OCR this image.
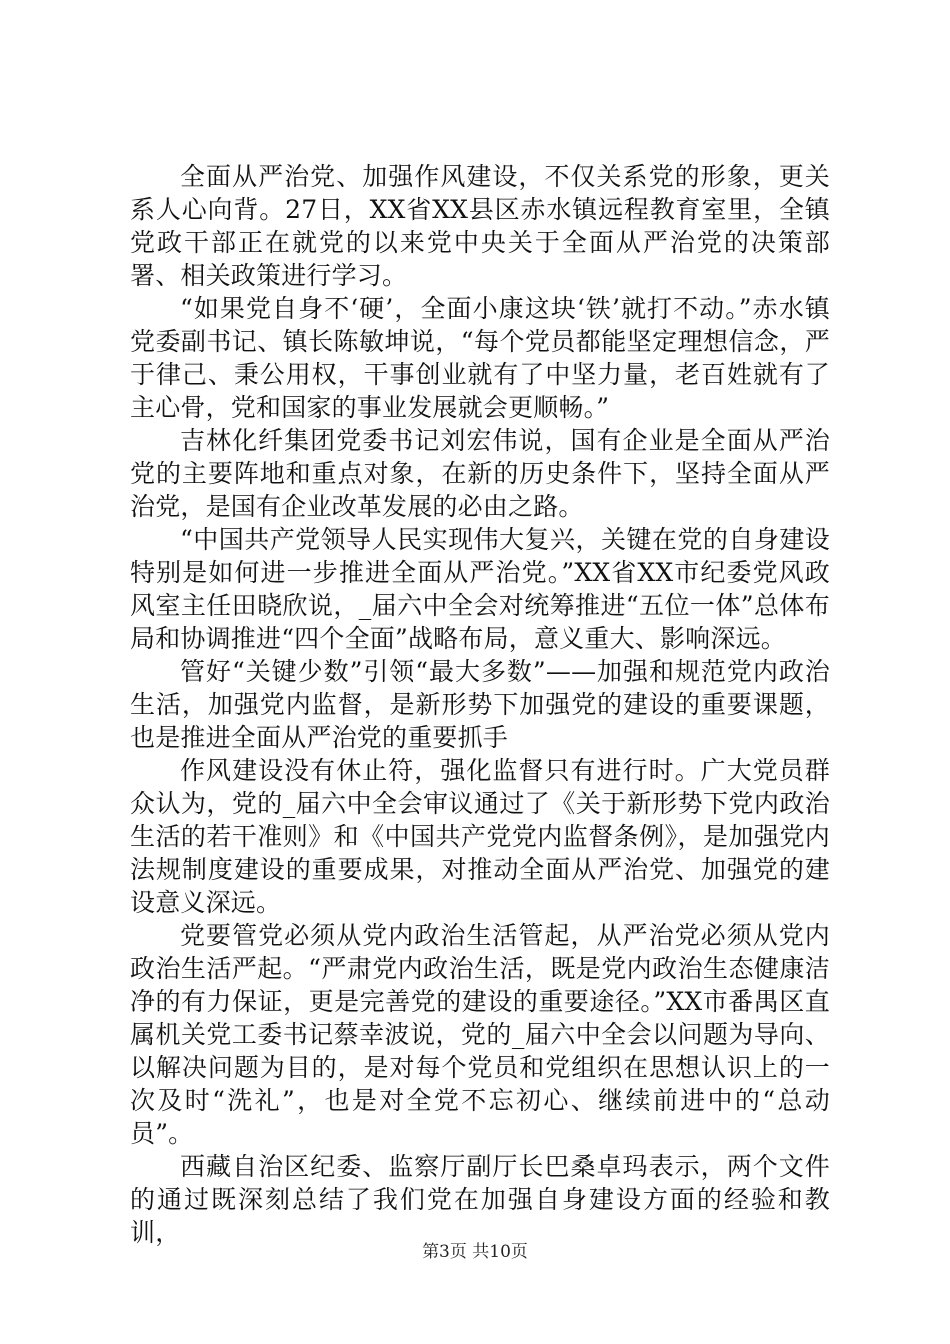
全面从严治党、加强作风建设，不仅关系党的形象，更关系人心向背。27日，XX省XX县区赤水镇远程教育室里，全镇党政干部正在就党的以来党中央关于全面从严治党的决策部署、相关政策进行学习。

“如果党自身不‘硬’，全面小康这块‘铁’就打不动。”赤水镇党委副书记、镇长陈敏坤说，“每个党员都能坚定理想信念，严于律己、秉公用权，干事创业就有了中坚力量，老百姓就有了主心骨，党和国家的事业发展就会更顺畅。”

吉林化纤集团党委书记刘宏伟说，国有企业是全面从严治党的主要阵地和重点对象，在新的历史条件下，坚持全面从严治党，是国有企业改革发展的必由之路。

“中国共产党领导人民实现伟大复兴，关键在党的自身建设特别是如何进一步推进全面从严治党。”XX省XX市纪委党风政风室主任田晓欣说，_届六中全会对统筹推进“五位一体”总体布局和协调推进“四个全面”战略布局，意义重大、影响深远。

管好“关键少数”引领“最大多数”——加强和规范党内政治生活，加强党内监督，是新形势下加强党的建设的重要课题，也是推进全面从严治党的重要抓手

作风建设没有休止符，强化监督只有进行时。广大党员群众认为，党的_届六中全会审议通过了《关于新形势下党内政治生活的若干准则》和《中国共产党党内监督条例》，是加强党内法规制度建设的重要成果，对推动全面从严治党、加强党的建设意义深远。

党要管党必须从党内政治生活管起，从严治党必须从党内政治生活严起。“严肃党内政治生活，既是党内政治生态健康洁净的有力保证，更是完善党的建设的重要途径。”XX市番禺区直属机关党工委书记蔡幸波说，党的_届六中全会以问题为导向、以解决问题为目的，是对每个党员和党组织在思想认识上的一次及时“洗礼”，也是对全党不忘初心、继续前进中的“总动员”。

西藏自治区纪委、监察厅副厅长巴桑卓玛表示，两个文件的通过既深刻总结了我们党在加强自身建设方面的经验和教训，

第3页 共10页
